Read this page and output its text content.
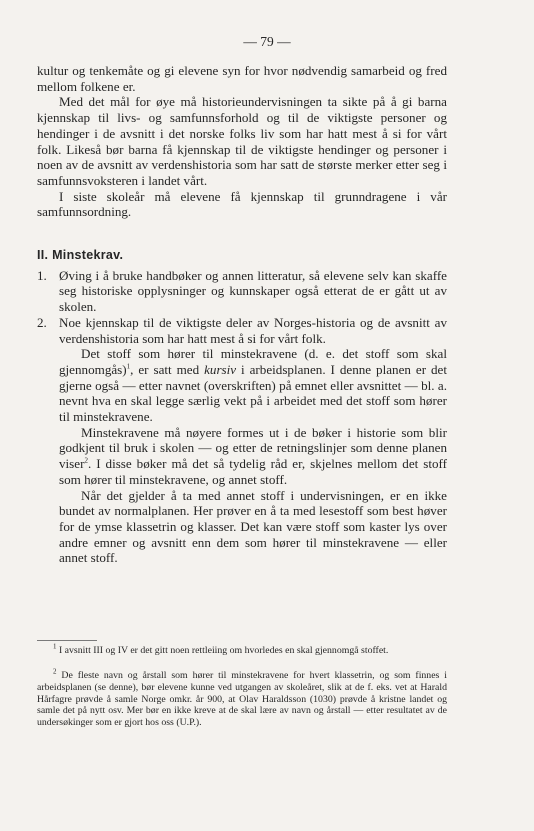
— 79 —

kultur og tenkemåte og gi elevene syn for hvor nødvendig samarbeid og fred mellom folkene er.

Med det mål for øye må historieundervisningen ta sikte på å gi barna kjennskap til livs- og samfunnsforhold og til de viktigste personer og hendinger i de avsnitt i det norske folks liv som har hatt mest å si for vårt folk. Likeså bør barna få kjennskap til de viktigste hendinger og personer i noen av de avsnitt av verdenshistoria som har satt de største merker etter seg i samfunnsvoksteren i landet vårt.

I siste skoleår må elevene få kjennskap til grunndragene i vår samfunnsordning.

II. Minstekrav.

1. Øving i å bruke handbøker og annen litteratur, så elevene selv kan skaffe seg historiske opplysninger og kunnskaper også etterat de er gått ut av skolen.
2. Noe kjennskap til de viktigste deler av Norges-historia og de avsnitt av verdenshistoria som har hatt mest å si for vårt folk.

Det stoff som hører til minstekravene (d. e. det stoff som skal gjennomgås)$^1$, er satt med kursiv i arbeidsplanen. I denne planen er det gjerne også — etter navnet (overskriften) på emnet eller avsnittet — bl. a. nevnt hva en skal legge særlig vekt på i arbeidet med det stoff som hører til minstekravene.

Minstekravene må nøyere formes ut i de bøker i historie som blir godkjent til bruk i skolen — og etter de retningslinjer som denne planen viser$^2$. I disse bøker må det så tydelig råd er, skjelnes mellom det stoff som hører til minstekravene, og annet stoff.

Når det gjelder å ta med annet stoff i undervisningen, er en ikke bundet av normalplanen. Her prøver en å ta med lesestoff som best høver for de ymse klassetrin og klasser. Det kan være stoff som kaster lys over andre emner og avsnitt enn dem som hører til minstekravene — eller annet stoff.

$^1$ I avsnitt III og IV er det gitt noen rettleiing om hvorledes en skal gjennomgå stoffet.

$^2$ De fleste navn og årstall som hører til minstekravene for hvert klassetrin, og som finnes i arbeidsplanen (se denne), bør elevene kunne ved utgangen av skoleåret, slik at de f. eks. vet at Harald Hårfagre prøvde å samle Norge omkr. år 900, at Olav Haraldsson (1030) prøvde å kristne landet og samle det på nytt osv. Mer bør en ikke kreve at de skal lære av navn og årstall — etter resultatet av de undersøkinger som er gjort hos oss (U.P.).
